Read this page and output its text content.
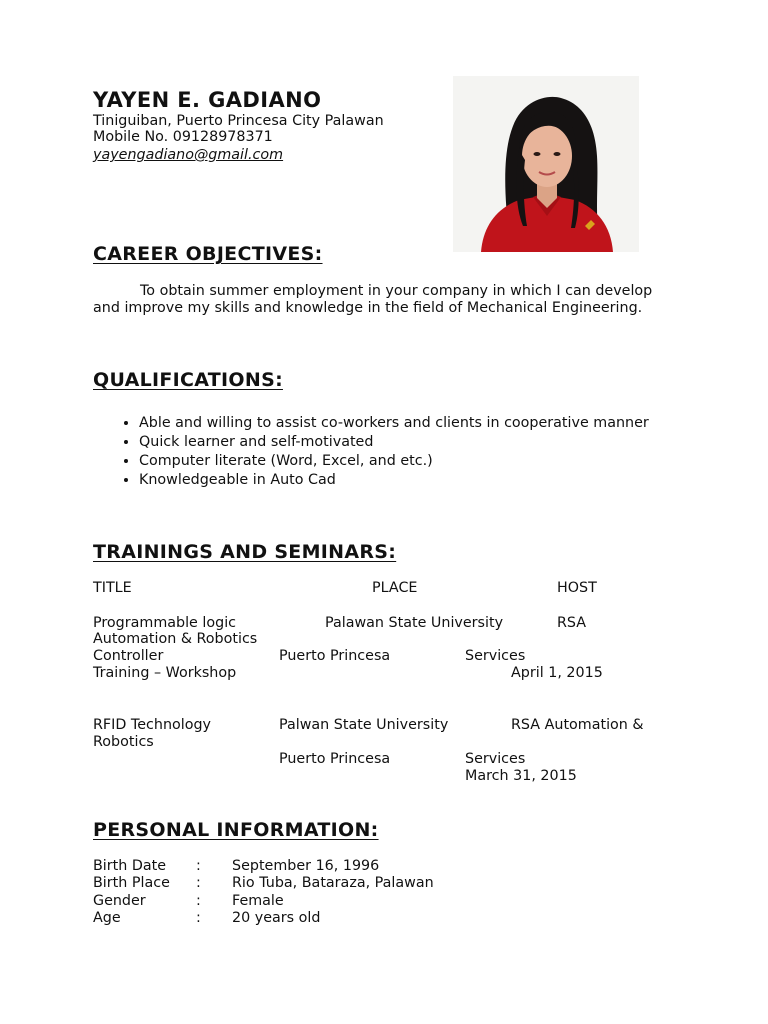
YAYEN E. GADIANO
Tiniguiban, Puerto Princesa City Palawan
Mobile No. 09128978371
yayengadiano@gmail.com
CAREER OBJECTIVES:
To obtain summer employment in your company in which I can develop and improve my skills and knowledge in the field of Mechanical Engineering.
QUALIFICATIONS:
• Able and willing to assist co-workers and clients in cooperative manner
• Quick learner and self-motivated
• Computer literate (Word, Excel, and etc.)
• Knowledgeable in Auto Cad
TRAININGS AND SEMINARS:
TITLE	PLACE	HOST
Programmable logic	Palawan State University	RSA
Automation & Robotics
Controller	Puerto Princesa	Services
Training – Workshop	April 1, 2015
RFID Technology	Palwan State University	RSA Automation &
Robotics
Puerto Princesa	Services
March 31, 2015
PERSONAL INFORMATION:
Birth Date : September 16, 1996
Birth Place : Rio Tuba, Bataraza, Palawan
Gender	: Female
Age	: 20 years old
